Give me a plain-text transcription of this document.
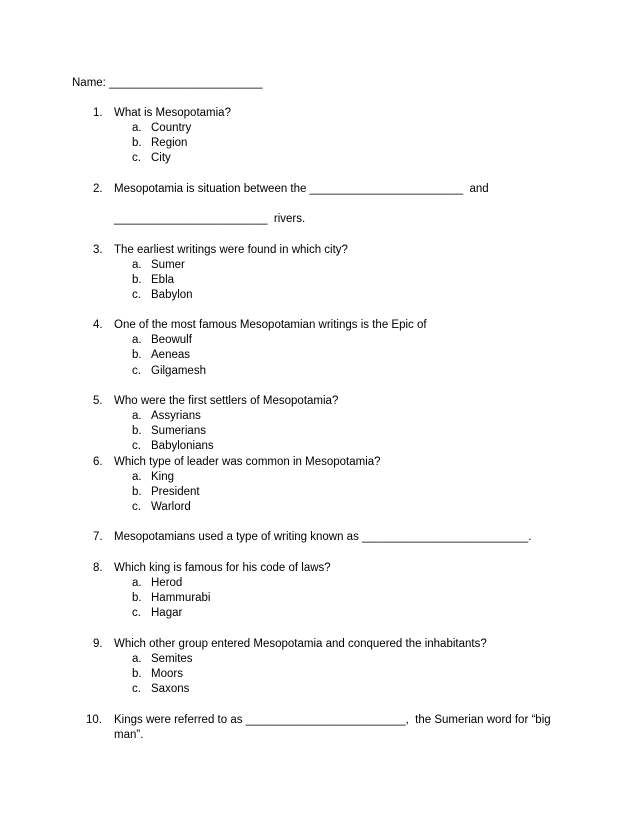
Name: ________________________
1. What is Mesopotamia?
a. Country
b. Region
c. City
2. Mesopotamia is situation between the ________________________  and
________________________  rivers.
3. The earliest writings were found in which city?
a. Sumer
b. Ebla
c. Babylon
4. One of the most famous Mesopotamian writings is the Epic of
a. Beowulf
b. Aeneas
c. Gilgamesh
5. Who were the first settlers of Mesopotamia?
a. Assyrians
b. Sumerians
c. Babylonians
6. Which type of leader was common in Mesopotamia?
a. King
b. President
c. Warlord
7. Mesopotamians used a type of writing known as __________________________.
8. Which king is famous for his code of laws?
a. Herod
b. Hammurabi
c. Hagar
9. Which other group entered Mesopotamia and conquered the inhabitants?
a. Semites
b. Moors
c. Saxons
10. Kings were referred to as _________________________,  the Sumerian word for “big
man”.
